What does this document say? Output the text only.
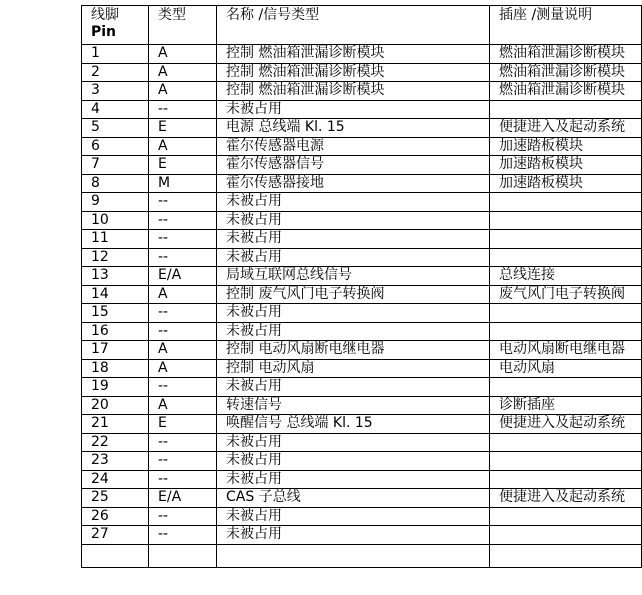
线脚
Pin	类型	名称 /信号类型	插座 /测量说明
1	A	控制 燃油箱泄漏诊断模块	燃油箱泄漏诊断模块
2	A	控制 燃油箱泄漏诊断模块	燃油箱泄漏诊断模块
3	A	控制 燃油箱泄漏诊断模块	燃油箱泄漏诊断模块
4	--	未被占用	
5	E	电源 总线端 Kl. 15	便捷进入及起动系统
6	A	霍尔传感器电源	加速踏板模块
7	E	霍尔传感器信号	加速踏板模块
8	M	霍尔传感器接地	加速踏板模块
9	--	未被占用	
10	--	未被占用	
11	--	未被占用	
12	--	未被占用	
13	E/A	局域互联网总线信号	总线连接
14	A	控制 废气风门电子转换阀	废气风门电子转换阀
15	--	未被占用	
16	--	未被占用	
17	A	控制 电动风扇断电继电器	电动风扇断电继电器
18	A	控制 电动风扇	电动风扇
19	--	未被占用	
20	A	转速信号	诊断插座
21	E	唤醒信号 总线端 Kl. 15	便捷进入及起动系统
22	--	未被占用	
23	--	未被占用	
24	--	未被占用	
25	E/A	CAS 子总线	便捷进入及起动系统
26	--	未被占用	
27	--	未被占用	
